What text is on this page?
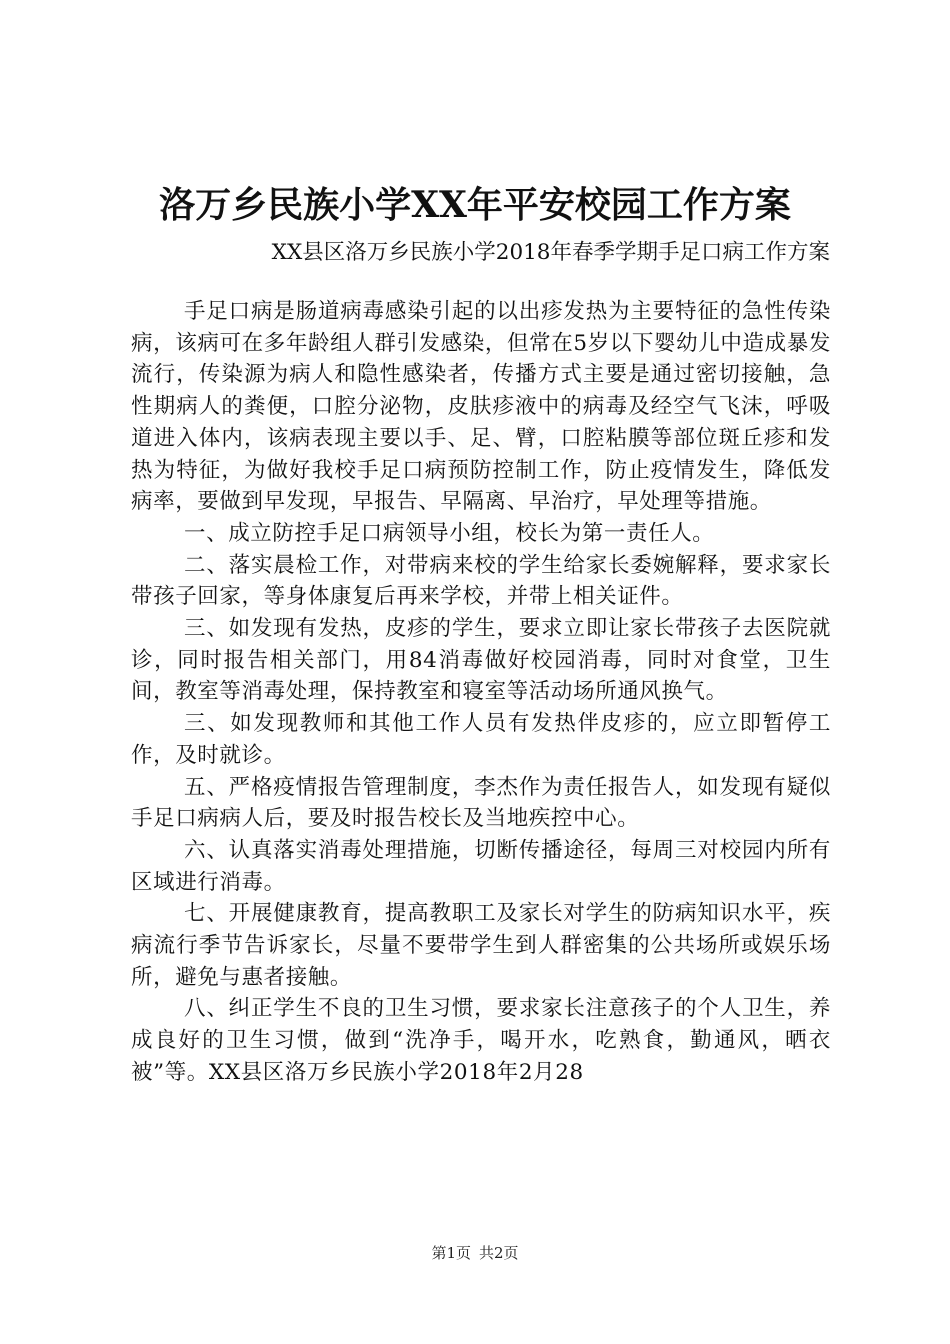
洛万乡民族小学XX年平安校园工作方案

XX县区洛万乡民族小学2018年春季学期手足口病工作方案

手足口病是肠道病毒感染引起的以出疹发热为主要特征的急性传染病，该病可在多年龄组人群引发感染，但常在5岁以下婴幼儿中造成暴发流行，传染源为病人和隐性感染者，传播方式主要是通过密切接触，急性期病人的粪便，口腔分泌物，皮肤疹液中的病毒及经空气飞沫，呼吸道进入体内，该病表现主要以手、足、臂，口腔粘膜等部位斑丘疹和发热为特征，为做好我校手足口病预防控制工作，防止疫情发生，降低发病率，要做到早发现，早报告、早隔离、早治疗，早处理等措施。

一、成立防控手足口病领导小组，校长为第一责任人。

二、落实晨检工作，对带病来校的学生给家长委婉解释，要求家长带孩子回家，等身体康复后再来学校，并带上相关证件。

三、如发现有发热，皮疹的学生，要求立即让家长带孩子去医院就诊，同时报告相关部门，用84消毒做好校园消毒，同时对食堂，卫生间，教室等消毒处理，保持教室和寝室等活动场所通风换气。

三、如发现教师和其他工作人员有发热伴皮疹的，应立即暂停工作，及时就诊。

五、严格疫情报告管理制度，李杰作为责任报告人，如发现有疑似手足口病病人后，要及时报告校长及当地疾控中心。

六、认真落实消毒处理措施，切断传播途径，每周三对校园内所有区域进行消毒。

七、开展健康教育，提高教职工及家长对学生的防病知识水平，疾病流行季节告诉家长，尽量不要带学生到人群密集的公共场所或娱乐场所，避免与惠者接触。

八、纠正学生不良的卫生习惯，要求家长注意孩子的个人卫生，养成良好的卫生习惯，做到“洗净手，喝开水，吃熟食，勤通风，晒衣被”等。XX县区洛万乡民族小学2018年2月28

第1页 共2页
